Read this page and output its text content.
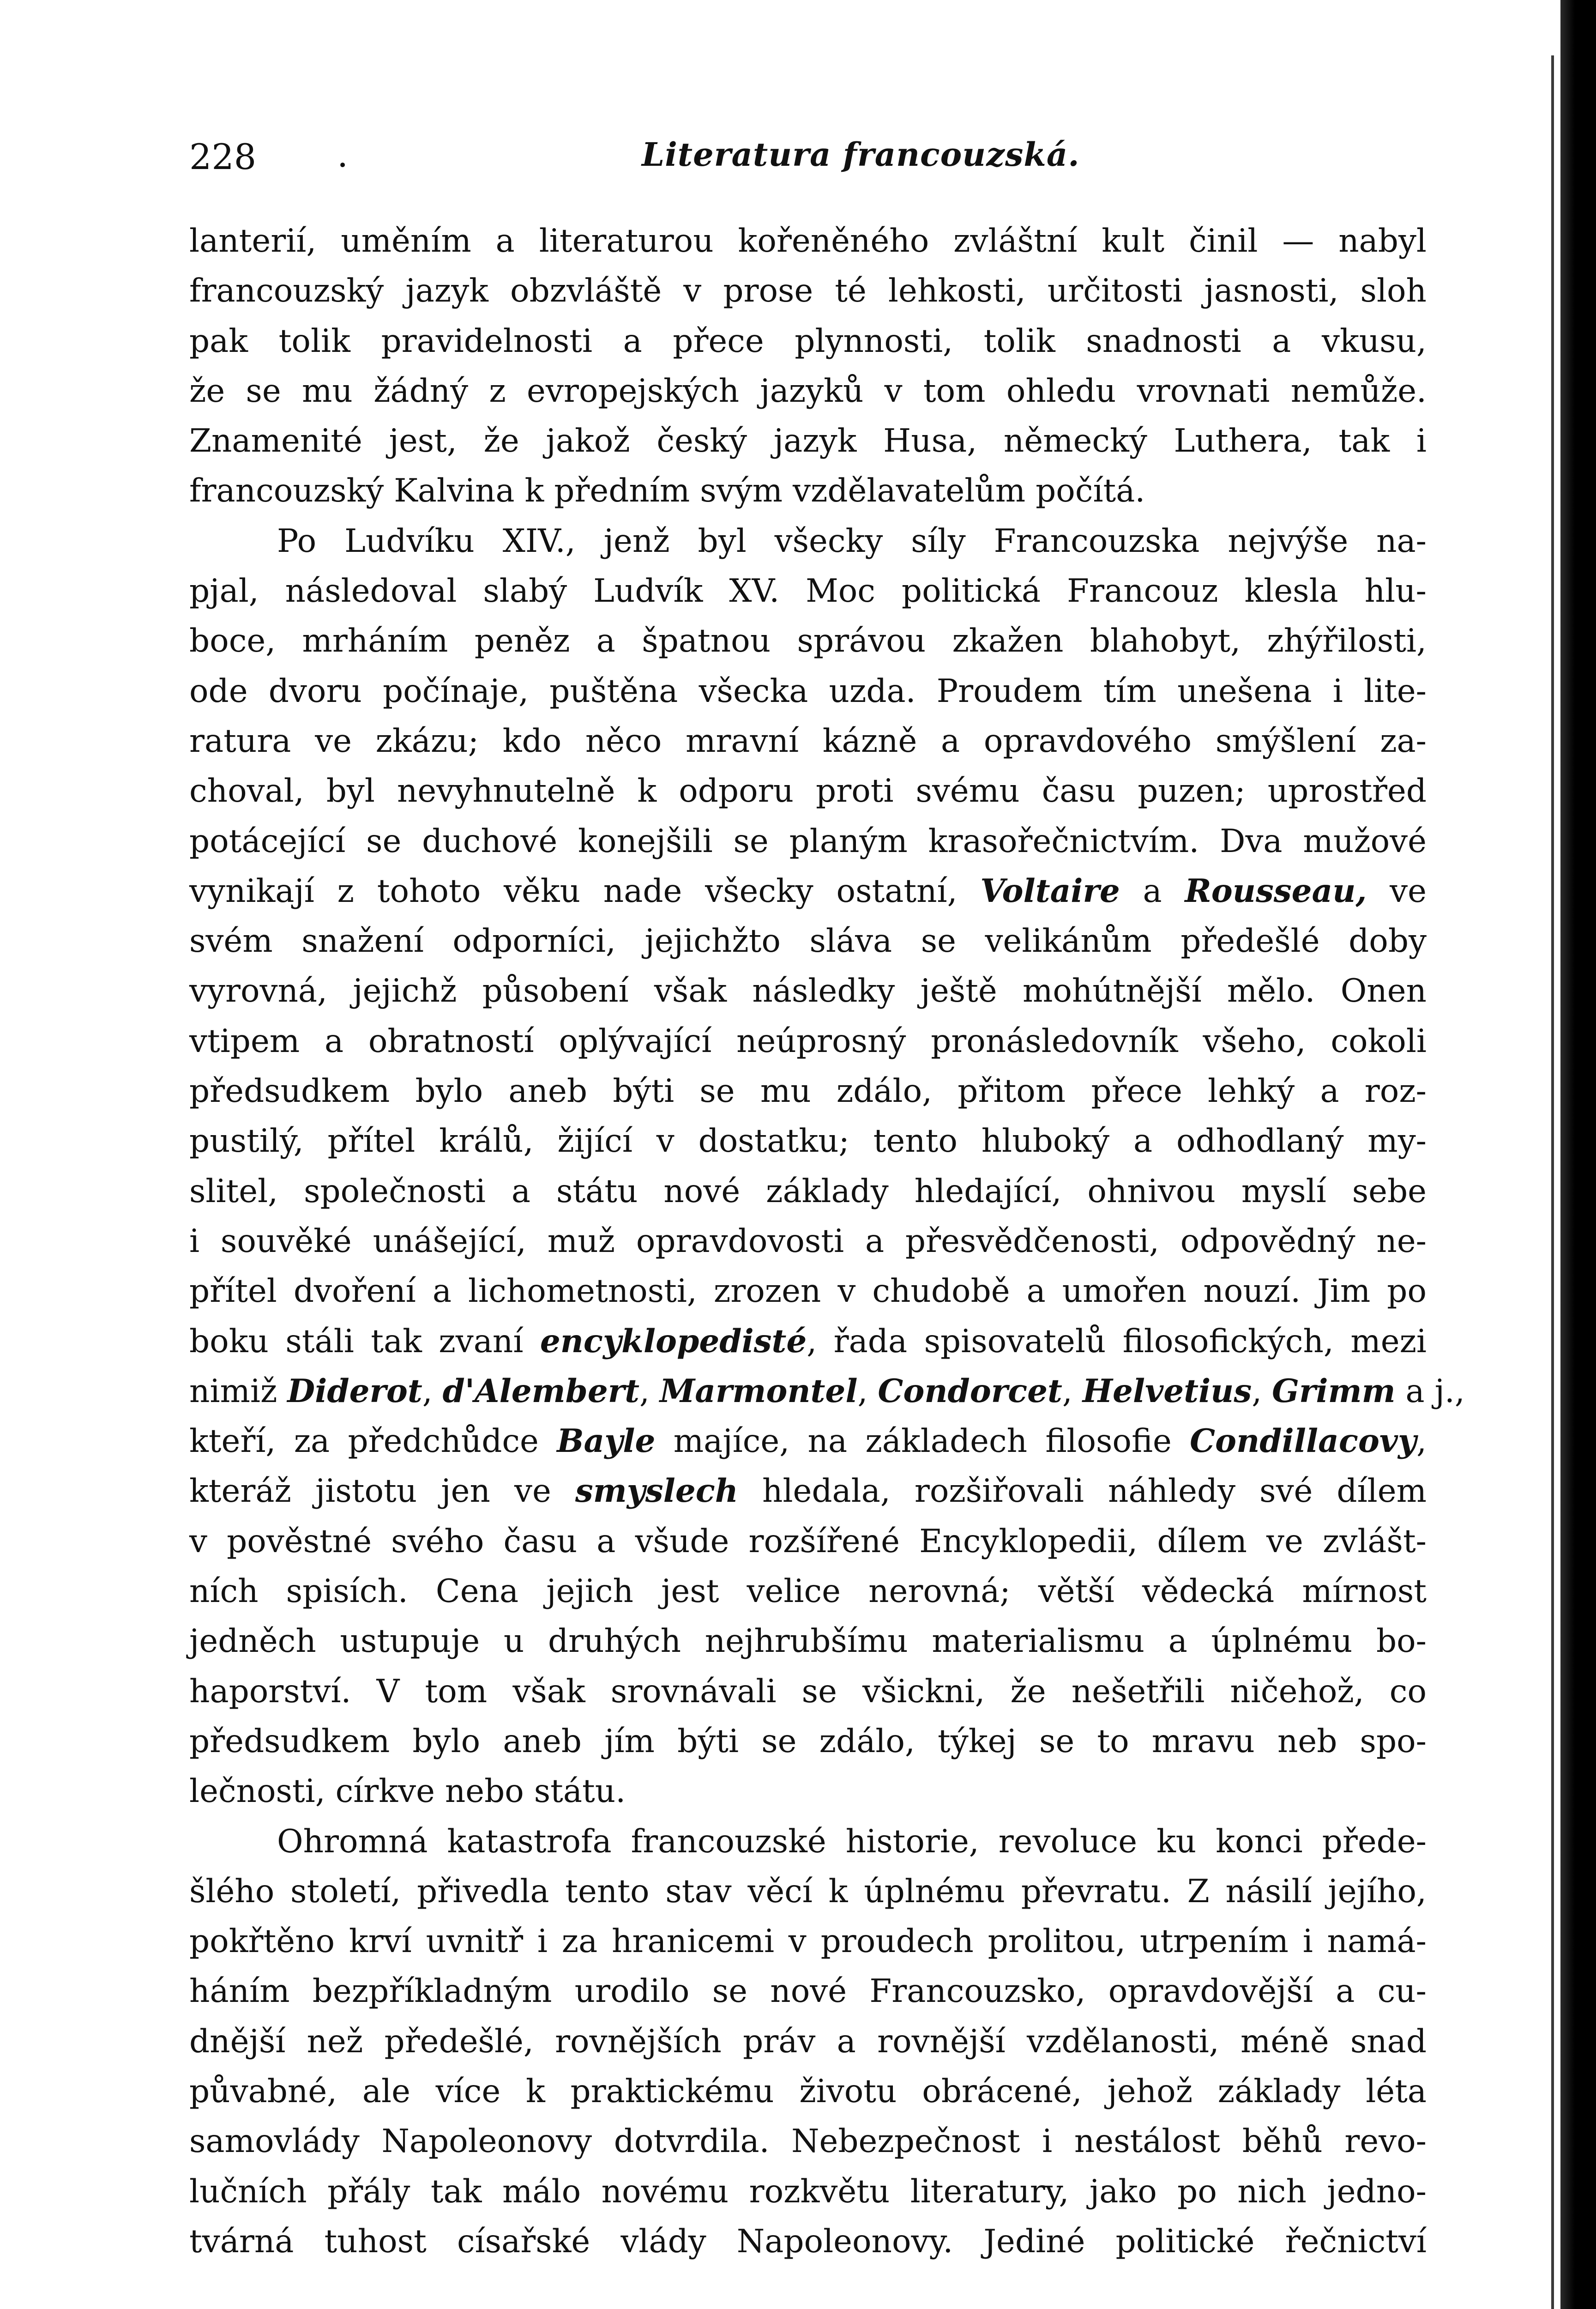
228 .	Literatura francouzská.
lanterií, uměním a literaturou kořeněného zvláštní kult činil — nabyl
francouzský jazyk obzvláště v prose té lehkosti, určitosti jasnosti, sloh
pak tolik pravidelnosti a přece plynnosti, tolik snadnosti a vkusu,
že se mu žádný z evropejských jazyků v tom ohledu vrovnati nemůže.
Znamenité jest, že jakož český jazyk Husa, německý Luthera, tak i
francouzský Kalvina k předním svým vzdělavatelům počítá.
Po Ludvíku XIV., jenž byl všecky síly Francouzska nejvýše na-
pjal, následoval slabý Ludvík XV. Moc politická Francouz klesla hlu-
boce, mrháním peněz a špatnou správou zkažen blahobyt, zhýřilosti,
ode dvoru počínaje, puštěna všecka uzda. Proudem tím unešena i lite-
ratura ve zkázu; kdo něco mravní kázně a opravdového smýšlení za-
choval, byl nevyhnutelně k odporu proti svému času puzen; uprostřed
potácející se duchové konejšili se planým krasořečnictvím. Dva mužové
vynikají z tohoto věku nade všecky ostatní, Voltaire a Rousseau, ve
svém snažení odporníci, jejichžto sláva se velikánům předešlé doby
vyrovná, jejichž působení však následky ještě mohútnější mělo. Onen
vtipem a obratností oplývající neúprosný pronásledovník všeho, cokoli
předsudkem bylo aneb býti se mu zdálo, přitom přece lehký a roz-
pustilý, přítel králů, žijící v dostatku; tento hluboký a odhodlaný my-
slitel, společnosti a státu nové základy hledající, ohnivou myslí sebe
i souvěké unášející, muž opravdovosti a přesvědčenosti, odpovědný ne-
přítel dvoření a lichometnosti, zrozen v chudobě a umořen nouzí. Jim po
boku stáli tak zvaní encyklopedisté, řada spisovatelů filosofických, mezi
nimiž Diderot, d'Alembert, Marmontel, Condorcet, Helvetius, Grimm a j.,
kteří, za předchůdce Bayle majíce, na základech filosofie Condillacovy,
kteráž jistotu jen ve smyslech hledala, rozšiřovali náhledy své dílem
v pověstné svého času a všude rozšířené Encyklopedii, dílem ve zvlášt-
ních spisích. Cena jejich jest velice nerovná; větší vědecká mírnost
jedněch ustupuje u druhých nejhrubšímu materialismu a úplnému bo-
haporství. V tom však srovnávali se všickni, že nešetřili ničehož, co
předsudkem bylo aneb jím býti se zdálo, týkej se to mravu neb spo-
lečnosti, církve nebo státu.
Ohromná katastrofa francouzské historie, revoluce ku konci přede-
šlého století, přivedla tento stav věcí k úplnému převratu. Z násilí jejího,
pokřtěno krví uvnitř i za hranicemi v proudech prolitou, utrpením i namá-
háním bezpříkladným urodilo se nové Francouzsko, opravdovější a cu-
dnější než předešlé, rovnějších práv a rovnější vzdělanosti, méně snad
půvabné, ale více k praktickému životu obrácené, jehož základy léta
samovlády Napoleonovy dotvrdila. Nebezpečnost i nestálost běhů revo-
lučních přály tak málo novému rozkvětu literatury, jako po nich jedno-
tvárná tuhost císařské vlády Napoleonovy. Jediné politické řečnictví
